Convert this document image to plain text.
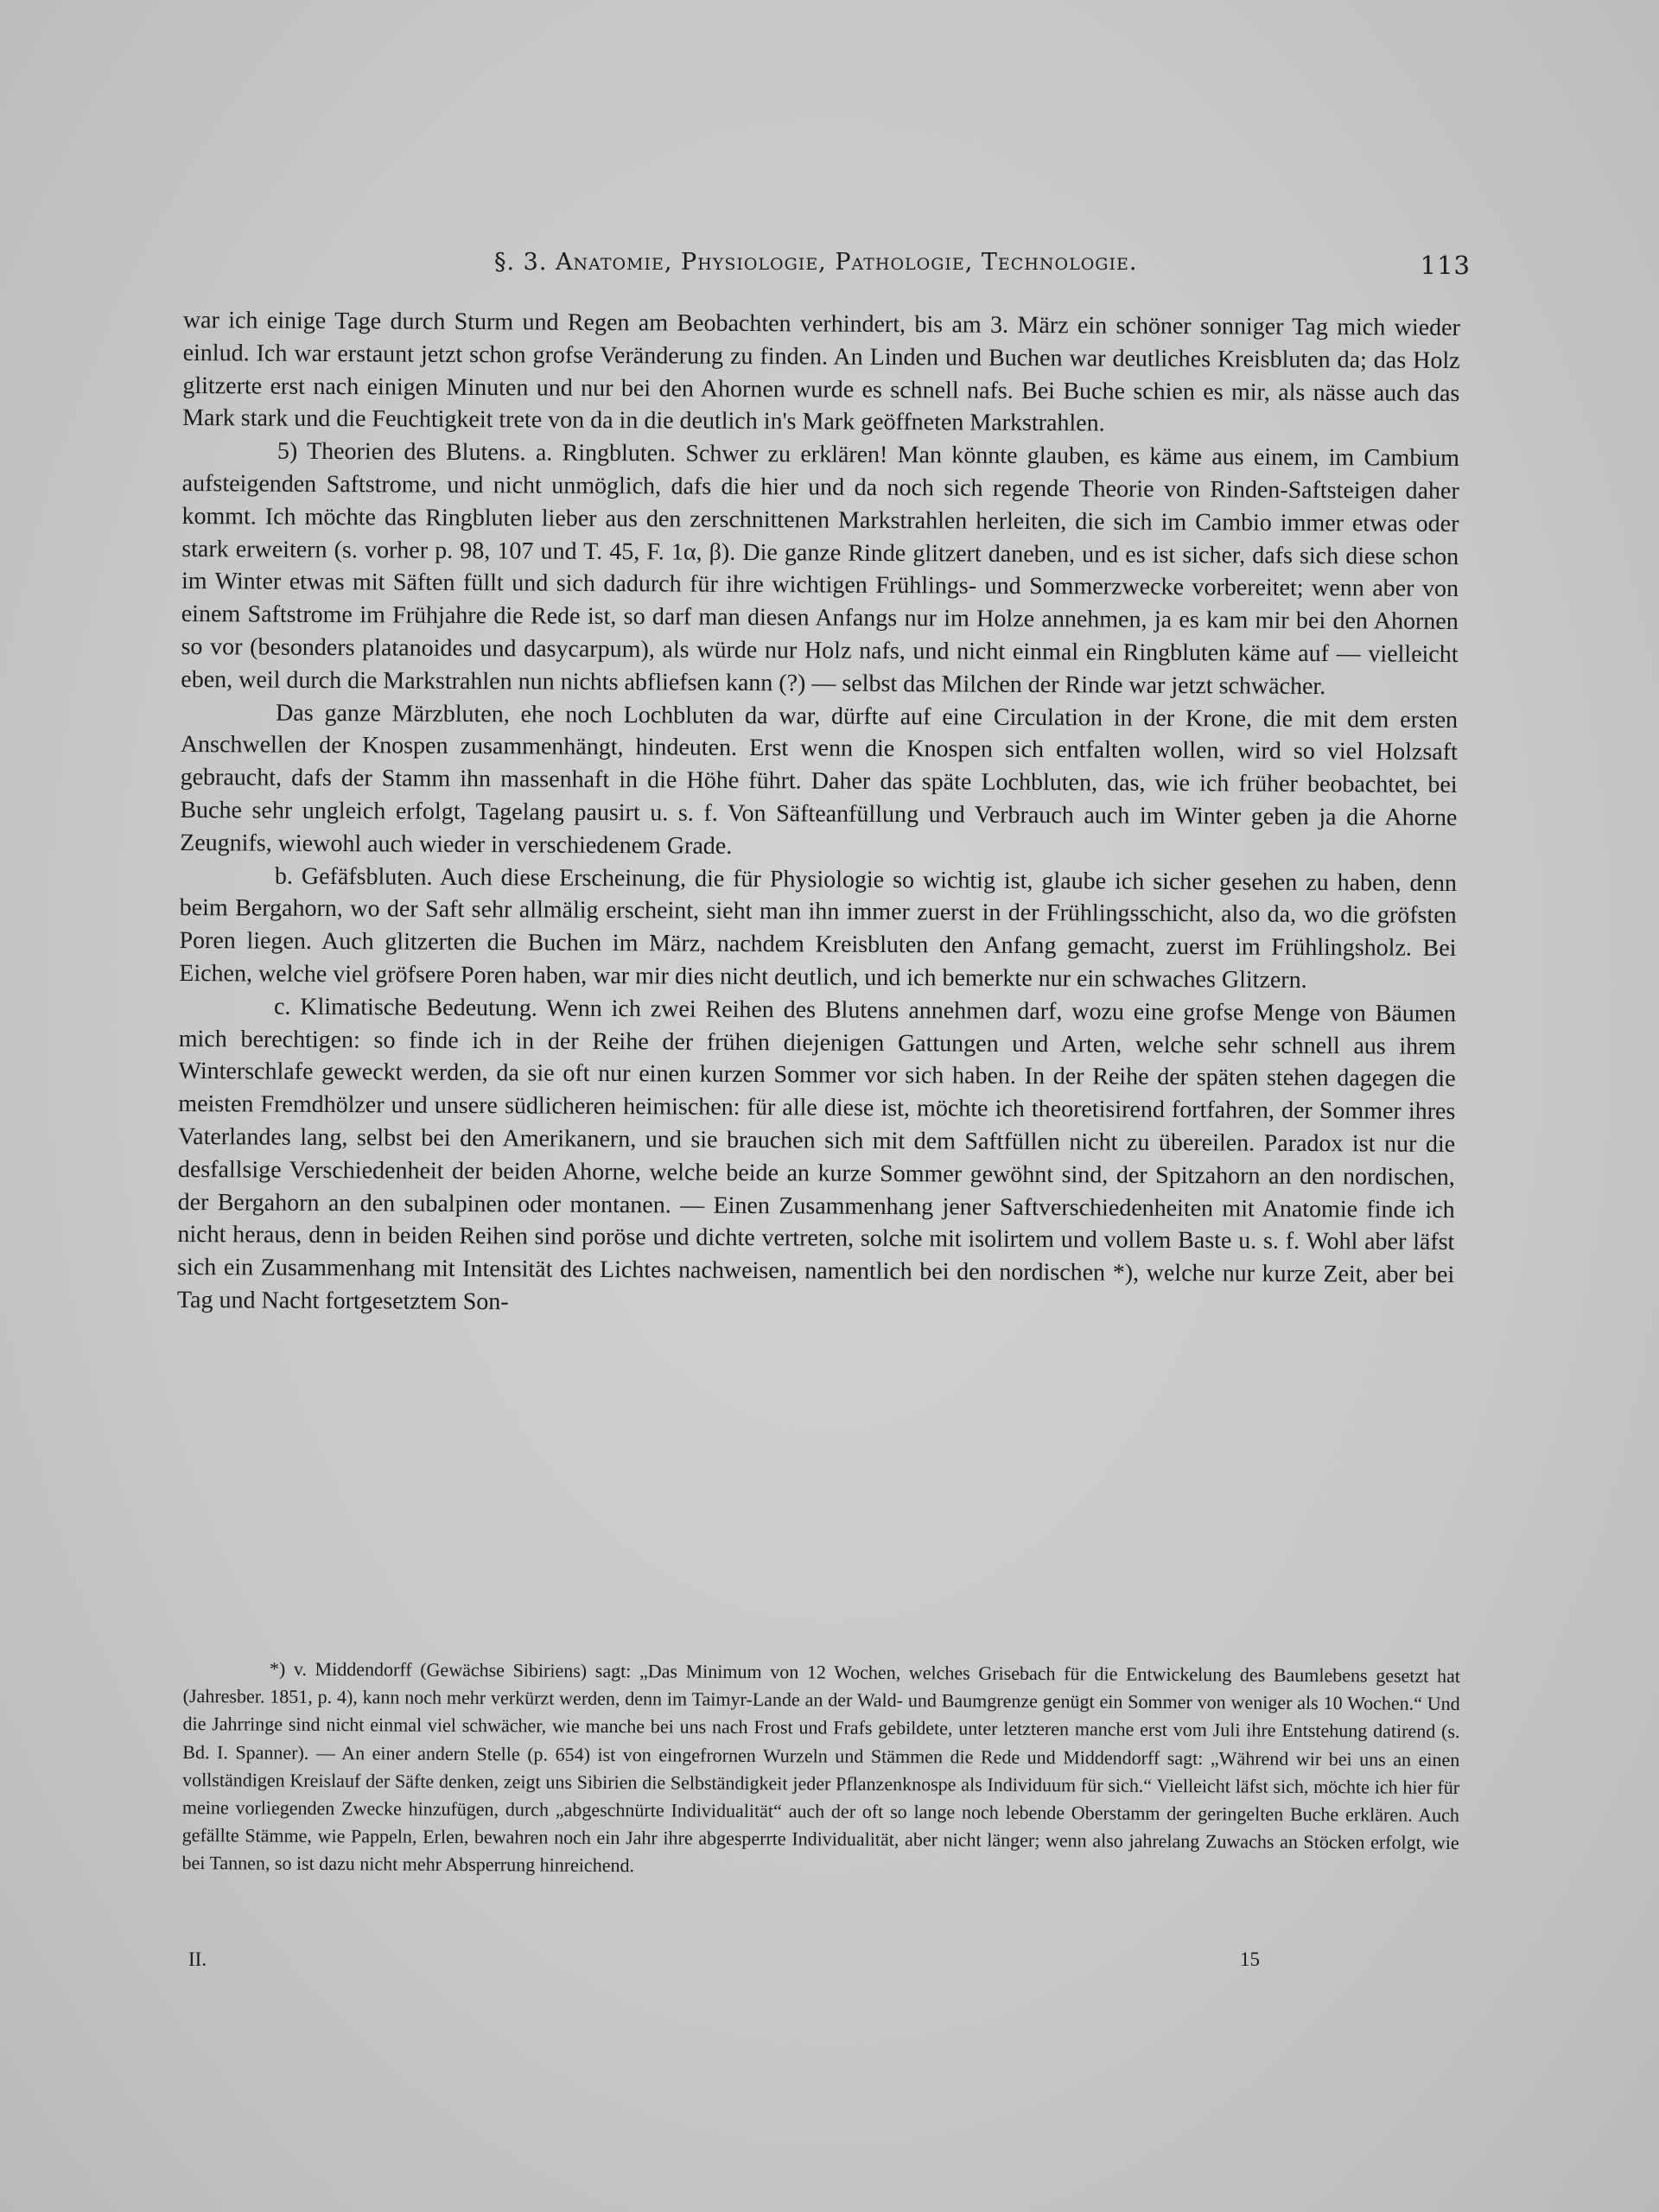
§. 3. Anatomie, Physiologie, Pathologie, Technologie.	113

war ich einige Tage durch Sturm und Regen am Beobachten verhindert, bis am 3. März ein schöner sonniger Tag mich wieder einlud. Ich war erstaunt jetzt schon grofse Veränderung zu finden. An Linden und Buchen war deutliches Kreisbluten da; das Holz glitzerte erst nach einigen Minuten und nur bei den Ahornen wurde es schnell nafs. Bei Buche schien es mir, als nässe auch das Mark stark und die Feuchtigkeit trete von da in die deutlich in's Mark geöffneten Markstrahlen.

5) Theorien des Blutens. a. Ringbluten. Schwer zu erklären! Man könnte glauben, es käme aus einem, im Cambium aufsteigenden Saftstrome, und nicht unmöglich, dafs die hier und da noch sich regende Theorie von Rinden-Saftsteigen daher kommt. Ich möchte das Ringbluten lieber aus den zerschnittenen Markstrahlen herleiten, die sich im Cambio immer etwas oder stark erweitern (s. vorher p. 98, 107 und T. 45, F. 1α, β). Die ganze Rinde glitzert daneben, und es ist sicher, dafs sich diese schon im Winter etwas mit Säften füllt und sich dadurch für ihre wichtigen Frühlings- und Sommerzwecke vorbereitet; wenn aber von einem Saftstrome im Frühjahre die Rede ist, so darf man diesen Anfangs nur im Holze annehmen, ja es kam mir bei den Ahornen so vor (besonders platanoides und dasycarpum), als würde nur Holz nafs, und nicht einmal ein Ringbluten käme auf — vielleicht eben, weil durch die Markstrahlen nun nichts abfliefsen kann (?) — selbst das Milchen der Rinde war jetzt schwächer.

Das ganze Märzbluten, ehe noch Lochbluten da war, dürfte auf eine Circulation in der Krone, die mit dem ersten Anschwellen der Knospen zusammenhängt, hindeuten. Erst wenn die Knospen sich entfalten wollen, wird so viel Holzsaft gebraucht, dafs der Stamm ihn massenhaft in die Höhe führt. Daher das späte Lochbluten, das, wie ich früher beobachtet, bei Buche sehr ungleich erfolgt, Tagelang pausirt u. s. f. Von Säfteanfüllung und Verbrauch auch im Winter geben ja die Ahorne Zeugnifs, wiewohl auch wieder in verschiedenem Grade.

b. Gefäfsbluten. Auch diese Erscheinung, die für Physiologie so wichtig ist, glaube ich sicher gesehen zu haben, denn beim Bergahorn, wo der Saft sehr allmälig erscheint, sieht man ihn immer zuerst in der Frühlingsschicht, also da, wo die gröfsten Poren liegen. Auch glitzerten die Buchen im März, nachdem Kreisbluten den Anfang gemacht, zuerst im Frühlingsholz. Bei Eichen, welche viel gröfsere Poren haben, war mir dies nicht deutlich, und ich bemerkte nur ein schwaches Glitzern.

c. Klimatische Bedeutung. Wenn ich zwei Reihen des Blutens annehmen darf, wozu eine grofse Menge von Bäumen mich berechtigen: so finde ich in der Reihe der frühen diejenigen Gattungen und Arten, welche sehr schnell aus ihrem Winterschlafe geweckt werden, da sie oft nur einen kurzen Sommer vor sich haben. In der Reihe der späten stehen dagegen die meisten Fremdhölzer und unsere südlicheren heimischen: für alle diese ist, möchte ich theoretisirend fortfahren, der Sommer ihres Vaterlandes lang, selbst bei den Amerikanern, und sie brauchen sich mit dem Saftfüllen nicht zu übereilen. Paradox ist nur die desfallsige Verschiedenheit der beiden Ahorne, welche beide an kurze Sommer gewöhnt sind, der Spitzahorn an den nordischen, der Bergahorn an den subalpinen oder montanen. — Einen Zusammenhang jener Saftverschiedenheiten mit Anatomie finde ich nicht heraus, denn in beiden Reihen sind poröse und dichte vertreten, solche mit isolirtem und vollem Baste u. s. f. Wohl aber läfst sich ein Zusammenhang mit Intensität des Lichtes nachweisen, namentlich bei den nordischen *), welche nur kurze Zeit, aber bei Tag und Nacht fortgesetztem Son-

*) v. Middendorff (Gewächse Sibiriens) sagt: „Das Minimum von 12 Wochen, welches Grisebach für die Entwickelung des Baumlebens gesetzt hat (Jahresber. 1851, p. 4), kann noch mehr verkürzt werden, denn im Taimyr-Lande an der Wald- und Baumgrenze genügt ein Sommer von weniger als 10 Wochen.“ Und die Jahrringe sind nicht einmal viel schwächer, wie manche bei uns nach Frost und Frafs gebildete, unter letzteren manche erst vom Juli ihre Entstehung datirend (s. Bd. I. Spanner). — An einer andern Stelle (p. 654) ist von eingefrornen Wurzeln und Stämmen die Rede und Middendorff sagt: „Während wir bei uns an einen vollständigen Kreislauf der Säfte denken, zeigt uns Sibirien die Selbständigkeit jeder Pflanzenknospe als Individuum für sich.“ Vielleicht läfst sich, möchte ich hier für meine vorliegenden Zwecke hinzufügen, durch „abgeschnürte Individualität“ auch der oft so lange noch lebende Oberstamm der geringelten Buche erklären. Auch gefällte Stämme, wie Pappeln, Erlen, bewahren noch ein Jahr ihre abgesperrte Individualität, aber nicht länger; wenn also jahrelang Zuwachs an Stöcken erfolgt, wie bei Tannen, so ist dazu nicht mehr Absperrung hinreichend.

II.	15
